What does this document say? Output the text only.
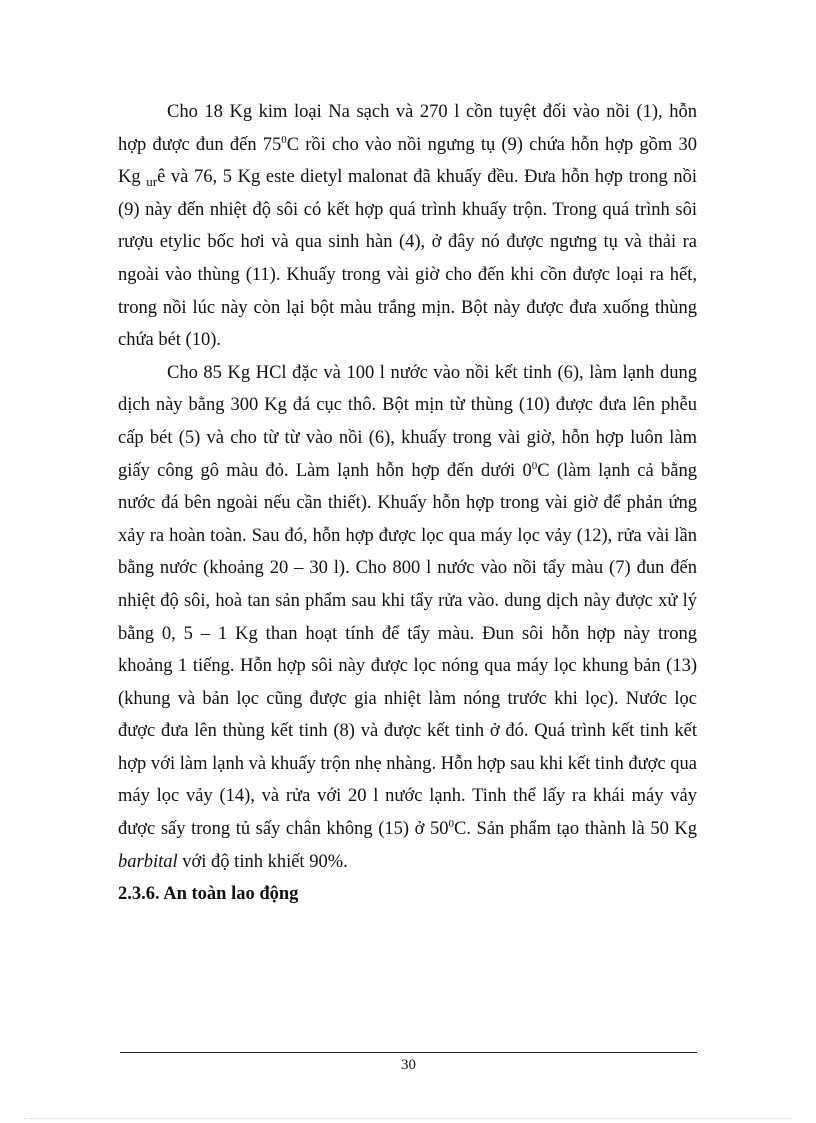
Cho 18 Kg kim loại Na sạch và 270 l cồn tuyệt đối vào nồi (1), hỗn hợp được đun đến $75^0C$ rồi cho vào nồi ngưng tụ (9) chứa hỗn hợp gồm 30 Kg $_{ur}$ê và 76, 5 Kg este dietyl malonat đã khuấy đều. Đưa hỗn hợp trong nồi (9) này đến nhiệt độ sôi có kết hợp quá trình khuấy trộn. Trong quá trình sôi rượu etylic bốc hơi và qua sinh hàn (4), ở đây nó được ngưng tụ và thải ra ngoài vào thùng (11). Khuấy trong vài giờ cho đến khi cồn được loại ra hết, trong nồi lúc này còn lại bột màu trắng mịn. Bột này được đưa xuống thùng chứa bét (10).

Cho 85 Kg HCl đặc và 100 l nước vào nồi kết tinh (6), làm lạnh dung dịch này bằng 300 Kg đá cục thô. Bột mịn từ thùng (10) được đưa lên phễu cấp bét (5) và cho từ từ vào nồi (6), khuấy trong vài giờ, hỗn hợp luôn làm giấy công gô màu đỏ. Làm lạnh hỗn hợp đến dưới $0^0C$ (làm lạnh cả bằng nước đá bên ngoài nếu cần thiết). Khuấy hỗn hợp trong vài giờ để phản ứng xảy ra hoàn toàn. Sau đó, hỗn hợp được lọc qua máy lọc vảy (12), rửa vài lần bằng nước (khoảng 20 – 30 l). Cho 800 l nước vào nồi tẩy màu (7) đun đến nhiệt độ sôi, hoà tan sản phẩm sau khi tẩy rửa vào. dung dịch này được xử lý bằng 0, 5 – 1 Kg than hoạt tính để tẩy màu. Đun sôi hỗn hợp này trong khoảng 1 tiếng. Hỗn hợp sôi này được lọc nóng qua máy lọc khung bản (13) (khung và bản lọc cũng được gia nhiệt làm nóng trước khi lọc). Nước lọc được đưa lên thùng kết tinh (8) và được kết tinh ở đó. Quá trình kết tinh kết hợp với làm lạnh và khuấy trộn nhẹ nhàng. Hỗn hợp sau khi kết tinh được qua máy lọc vảy (14), và rửa với 20 l nước lạnh. Tinh thể lấy ra khái máy vảy được sấy trong tủ sấy chân không (15) ở $50^0C$. Sản phẩm tạo thành là 50 Kg barbital với độ tinh khiết 90%.

2.3.6. An toàn lao động

30
